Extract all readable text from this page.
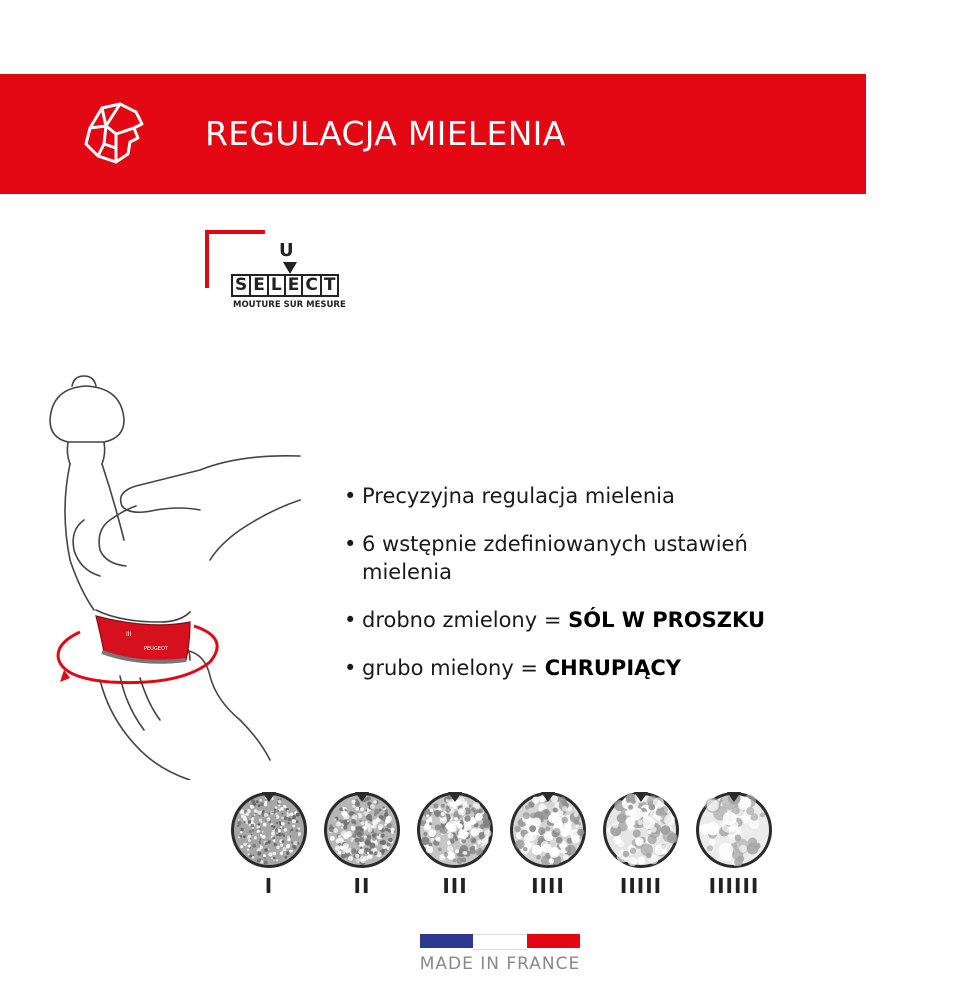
REGULACJA MIELENIA
U
S E L E C T
MOUTURE SUR MESURE
III
PEUGEOT
• Precyzyjna regulacja mielenia
• 6 wstępnie zdefiniowanych ustawień mielenia
• drobno zmielony = SÓL W PROSZKU
• grubo mielony = CHRUPIĄCY
I	II	III	IIII	IIIII	IIIIII
MADE IN FRANCE
